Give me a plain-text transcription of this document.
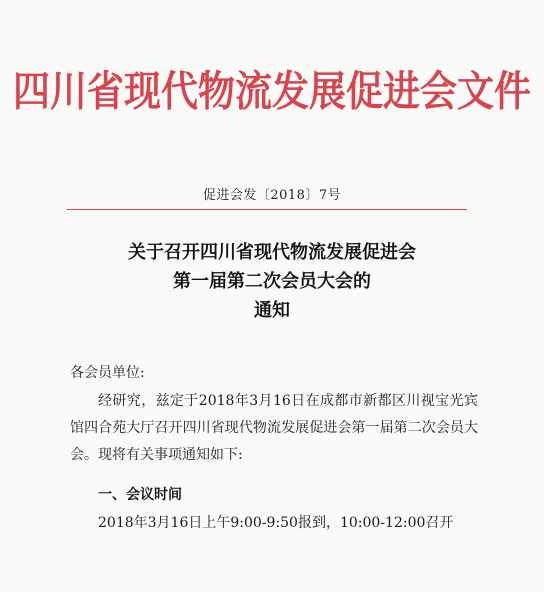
四川省现代物流发展促进会文件
促进会发〔2018〕7号
关于召开四川省现代物流发展促进会
第一届第二次会员大会的
通知
各会员单位:
经研究，兹定于2018年3月16日在成都市新都区川视宝光宾馆四合苑大厅召开四川省现代物流发展促进会第一届第二次会员大会。现将有关事项通知如下:
一、会议时间
2018年3月16日上午9:00-9:50报到，10:00-12:00召开
